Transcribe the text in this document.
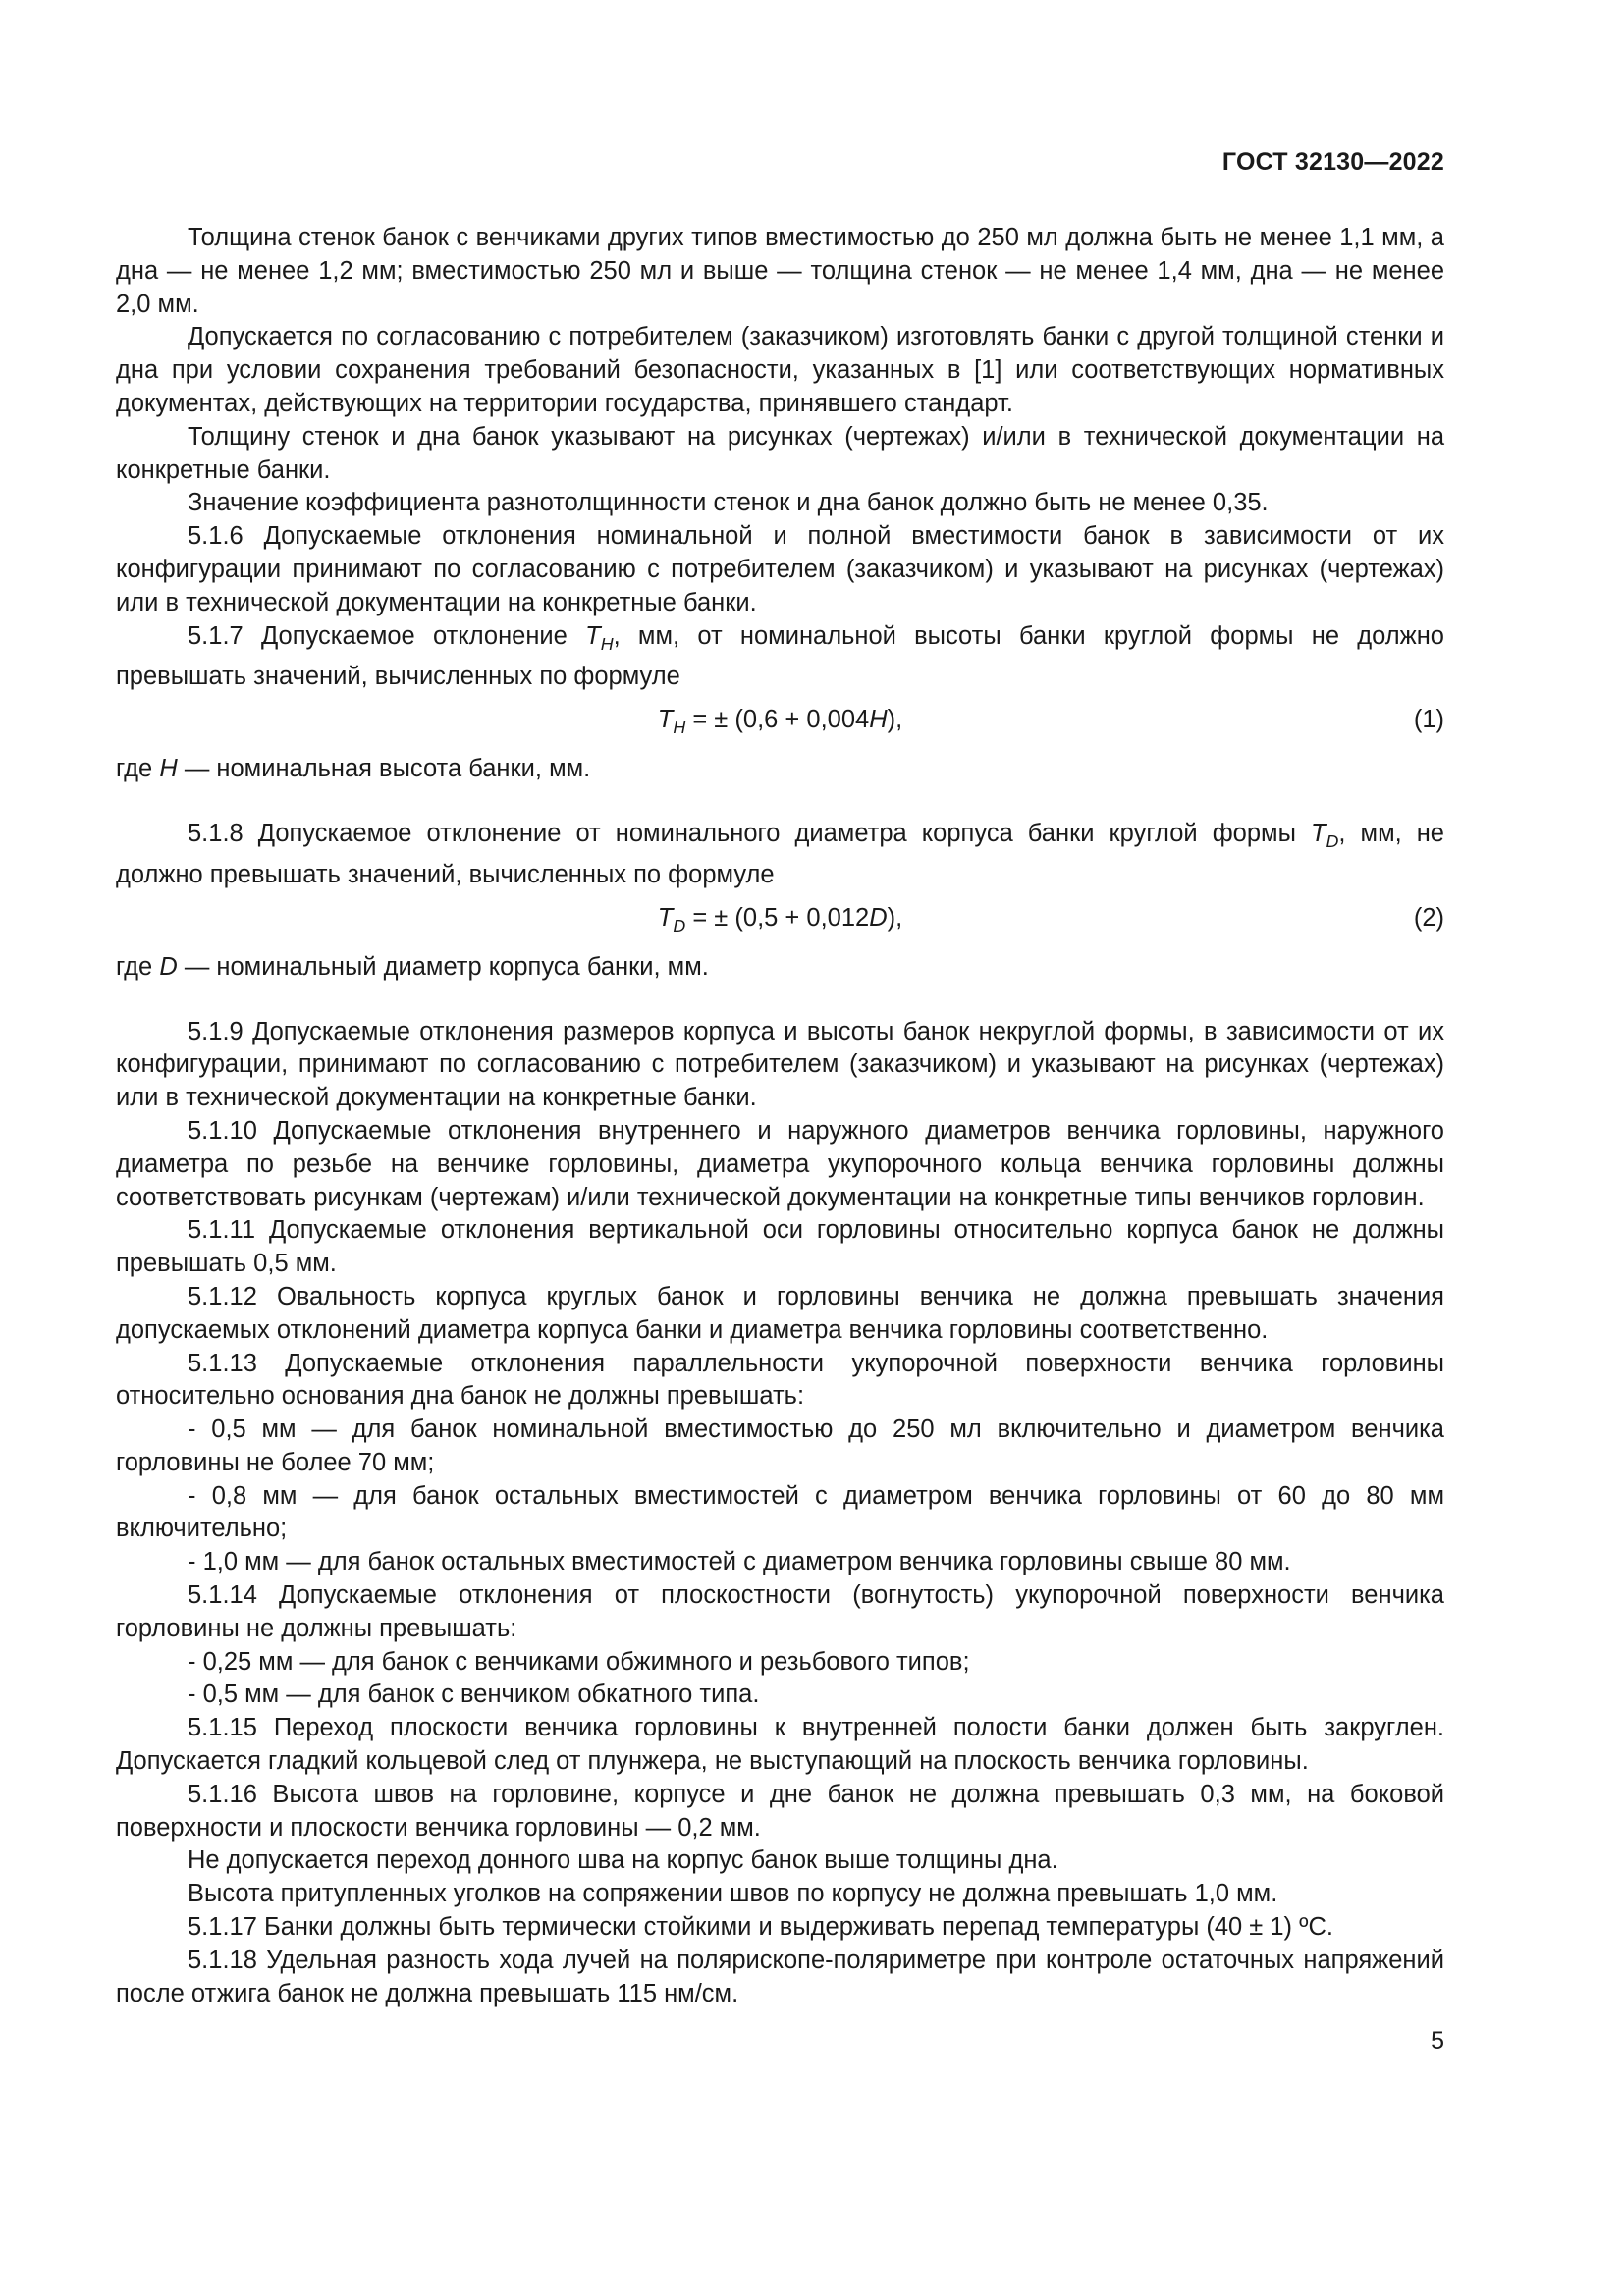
ГОСТ 32130—2022

Толщина стенок банок с венчиками других типов вместимостью до 250 мл должна быть не менее 1,1 мм, а дна — не менее 1,2 мм; вместимостью 250 мл и выше — толщина стенок — не менее 1,4 мм, дна — не менее 2,0 мм.

Допускается по согласованию с потребителем (заказчиком) изготовлять банки с другой толщиной стенки и дна при условии сохранения требований безопасности, указанных в [1] или соответствующих нормативных документах, действующих на территории государства, принявшего стандарт.

Толщину стенок и дна банок указывают на рисунках (чертежах) и/или в технической документации на конкретные банки.

Значение коэффициента разнотолщинности стенок и дна банок должно быть не менее 0,35.

5.1.6 Допускаемые отклонения номинальной и полной вместимости банок в зависимости от их конфигурации принимают по согласованию с потребителем (заказчиком) и указывают на рисунках (чертежах) или в технической документации на конкретные банки.

5.1.7 Допускаемое отклонение $T_H$, мм, от номинальной высоты банки круглой формы не должно превышать значений, вычисленных по формуле

$T_H$ = ± (0,6 + 0,004H),	(1)

где H — номинальная высота банки, мм.

5.1.8 Допускаемое отклонение от номинального диаметра корпуса банки круглой формы $T_D$, мм, не должно превышать значений, вычисленных по формуле

$T_D$ = ± (0,5 + 0,012D),	(2)

где D — номинальный диаметр корпуса банки, мм.

5.1.9 Допускаемые отклонения размеров корпуса и высоты банок некруглой формы, в зависимости от их конфигурации, принимают по согласованию с потребителем (заказчиком) и указывают на рисунках (чертежах) или в технической документации на конкретные банки.

5.1.10 Допускаемые отклонения внутреннего и наружного диаметров венчика горловины, наружного диаметра по резьбе на венчике горловины, диаметра укупорочного кольца венчика горловины должны соответствовать рисункам (чертежам) и/или технической документации на конкретные типы венчиков горловин.

5.1.11 Допускаемые отклонения вертикальной оси горловины относительно корпуса банок не должны превышать 0,5 мм.

5.1.12 Овальность корпуса круглых банок и горловины венчика не должна превышать значения допускаемых отклонений диаметра корпуса банки и диаметра венчика горловины соответственно.

5.1.13 Допускаемые отклонения параллельности укупорочной поверхности венчика горловины относительно основания дна банок не должны превышать:

- 0,5 мм — для банок номинальной вместимостью до 250 мл включительно и диаметром венчика горловины не более 70 мм;

- 0,8 мм — для банок остальных вместимостей с диаметром венчика горловины от 60 до 80 мм включительно;

- 1,0 мм — для банок остальных вместимостей с диаметром венчика горловины свыше 80 мм.

5.1.14 Допускаемые отклонения от плоскостности (вогнутость) укупорочной поверхности венчика горловины не должны превышать:

- 0,25 мм — для банок с венчиками обжимного и резьбового типов;

- 0,5 мм — для банок с венчиком обкатного типа.

5.1.15 Переход плоскости венчика горловины к внутренней полости банки должен быть закруглен. Допускается гладкий кольцевой след от плунжера, не выступающий на плоскость венчика горловины.

5.1.16 Высота швов на горловине, корпусе и дне банок не должна превышать 0,3 мм, на боковой поверхности и плоскости венчика горловины — 0,2 мм.

Не допускается переход донного шва на корпус банок выше толщины дна.

Высота притупленных уголков на сопряжении швов по корпусу не должна превышать 1,0 мм.

5.1.17 Банки должны быть термически стойкими и выдерживать перепад температуры (40 ± 1) ºС.

5.1.18 Удельная разность хода лучей на полярископе-поляриметре при контроле остаточных напряжений после отжига банок не должна превышать 115 нм/см.

5
